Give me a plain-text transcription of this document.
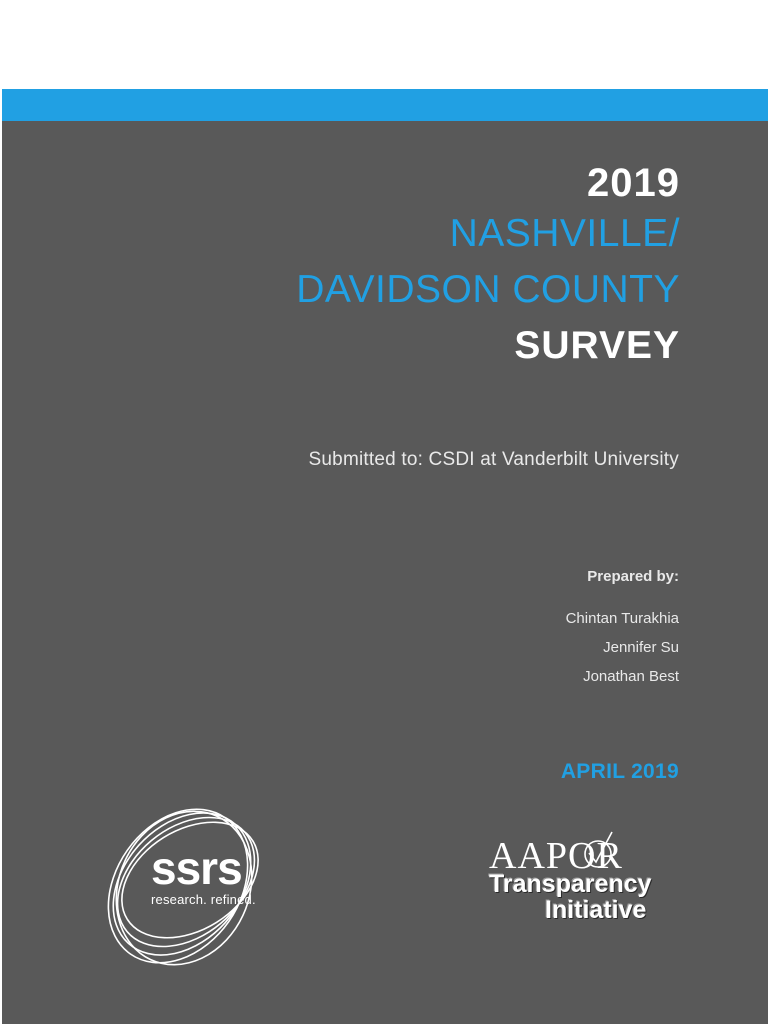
2019
NASHVILLE/
DAVIDSON COUNTY
SURVEY
Submitted to: CSDI at Vanderbilt University
Prepared by:
Chintan Turakhia
Jennifer Su
Jonathan Best
APRIL 2019
ssrs
research. refined.
AAPOR
Transparency
Initiative
